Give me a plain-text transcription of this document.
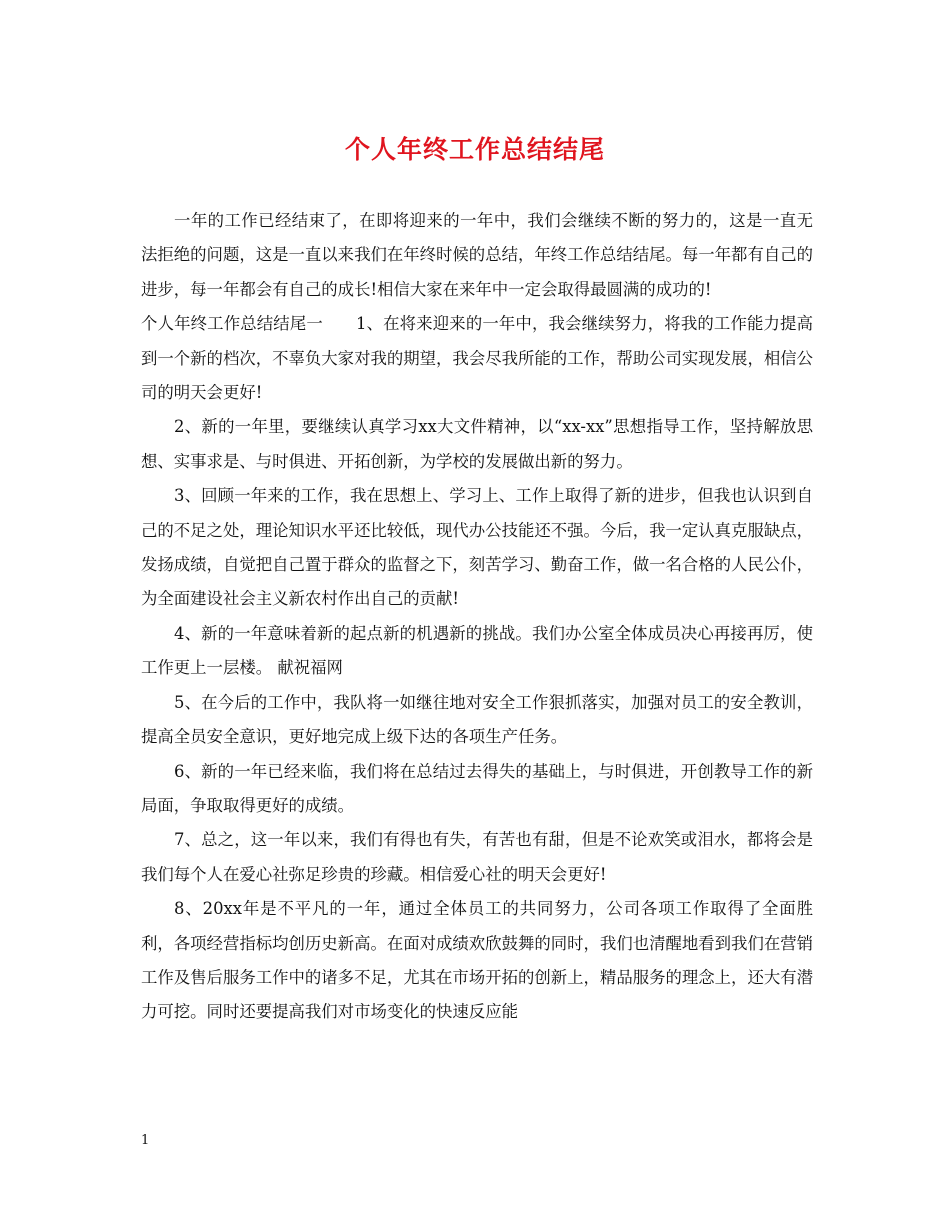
个人年终工作总结结尾

一年的工作已经结束了，在即将迎来的一年中，我们会继续不断的努力的，这是一直无法拒绝的问题，这是一直以来我们在年终时候的总结，年终工作总结结尾。每一年都有自己的进步，每一年都会有自己的成长!相信大家在来年中一定会取得最圆满的成功的!

个人年终工作总结结尾一　　1、在将来迎来的一年中，我会继续努力，将我的工作能力提高到一个新的档次，不辜负大家对我的期望，我会尽我所能的工作，帮助公司实现发展，相信公司的明天会更好!

2、新的一年里，要继续认真学习xx大文件精神，以“xx-xx”思想指导工作，坚持解放思想、实事求是、与时俱进、开拓创新，为学校的发展做出新的努力。

3、回顾一年来的工作，我在思想上、学习上、工作上取得了新的进步，但我也认识到自己的不足之处，理论知识水平还比较低，现代办公技能还不强。今后，我一定认真克服缺点，发扬成绩，自觉把自己置于群众的监督之下，刻苦学习、勤奋工作，做一名合格的人民公仆，为全面建设社会主义新农村作出自己的贡献!

4、新的一年意味着新的起点新的机遇新的挑战。我们办公室全体成员决心再接再厉，使工作更上一层楼。 献祝福网

5、在今后的工作中，我队将一如继往地对安全工作狠抓落实，加强对员工的安全教训，提高全员安全意识，更好地完成上级下达的各项生产任务。

6、新的一年已经来临，我们将在总结过去得失的基础上，与时俱进，开创教导工作的新局面，争取取得更好的成绩。

7、总之，这一年以来，我们有得也有失，有苦也有甜，但是不论欢笑或泪水，都将会是我们每个人在爱心社弥足珍贵的珍藏。相信爱心社的明天会更好!

8、20xx年是不平凡的一年，通过全体员工的共同努力，公司各项工作取得了全面胜利，各项经营指标均创历史新高。在面对成绩欢欣鼓舞的同时，我们也清醒地看到我们在营销工作及售后服务工作中的诸多不足，尤其在市场开拓的创新上，精品服务的理念上，还大有潜力可挖。同时还要提高我们对市场变化的快速反应能

1
